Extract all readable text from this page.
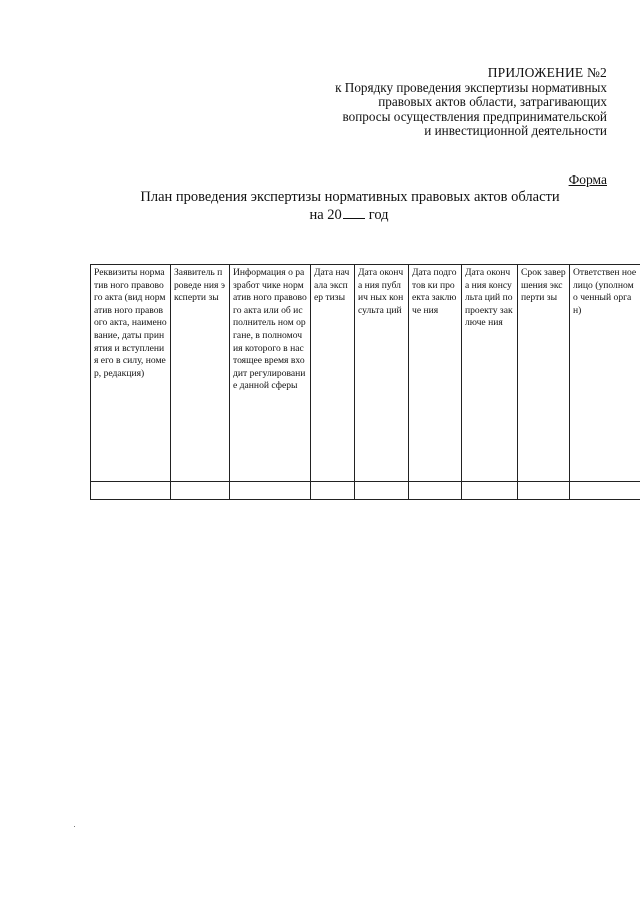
ПРИЛОЖЕНИЕ №2
к Порядку проведения экспертизы нормативных
правовых актов области, затрагивающих
вопросы осуществления предпринимательской
и инвестиционной деятельности
Форма
План проведения экспертизы нормативных правовых актов области
на 20 год
Реквизиты норматив ного правового акта (вид норматив ного правового акта, наименование, даты принятия и вступления его в силу, номер, редакция)	Заявитель проведе ния эксперти зы	Информация о разработ чике норматив ного правового акта или об исполнитель ном органе, в полномочия которого в настоящее время входит регулирование данной сферы	Дата начала экспер тизы	Дата оконча ния публич ных консульта ций	Дата подготов ки проекта заключе ния	Дата оконча ния консульта ций по проекту заключе ния	Срок завер шения эксперти зы	Ответствен ное лицо (уполномо ченный орган)
